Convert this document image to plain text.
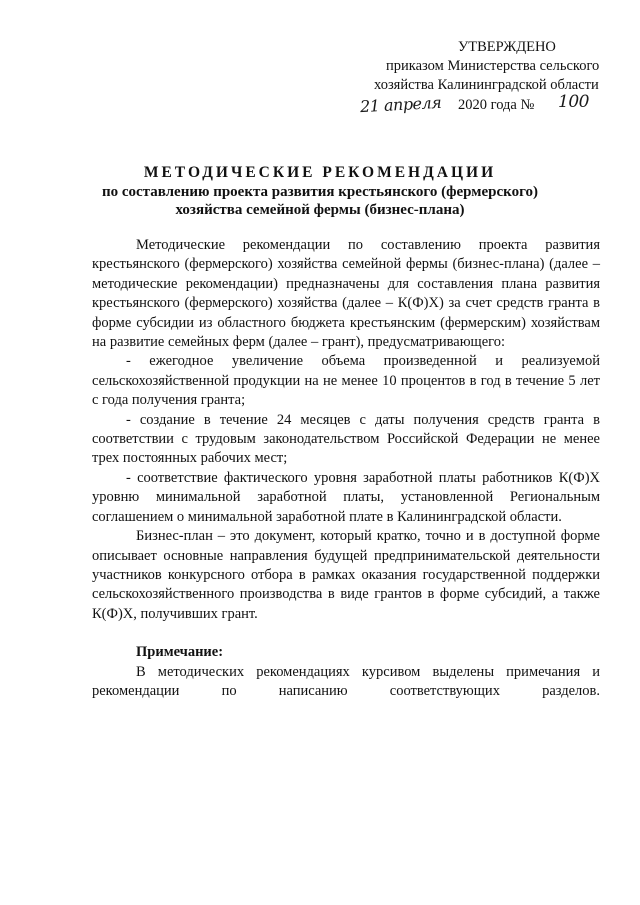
УТВЕРЖДЕНО
приказом Министерства сельского
хозяйства Калининградской области
21 апреля 2020 года № 100
МЕТОДИЧЕСКИЕ РЕКОМЕНДАЦИИ
по составлению проекта развития крестьянского (фермерского)
хозяйства семейной фермы (бизнес-плана)

Методические рекомендации по составлению проекта развития крестьянского (фермерского) хозяйства семейной фермы (бизнес-плана) (далее – методические рекомендации) предназначены для составления плана развития крестьянского (фермерского) хозяйства (далее – К(Ф)Х) за счет средств гранта в форме субсидии из областного бюджета крестьянским (фермерским) хозяйствам на развитие семейных ферм (далее – грант), предусматривающего:

- ежегодное увеличение объема произведенной и реализуемой сельскохозяйственной продукции на не менее 10 процентов в год в течение 5 лет с года получения гранта;

- создание в течение 24 месяцев с даты получения средств гранта в соответствии с трудовым законодательством Российской Федерации не менее трех постоянных рабочих мест;

- соответствие фактического уровня заработной платы работников К(Ф)Х уровню минимальной заработной платы, установленной Региональным соглашением о минимальной заработной плате в Калининградской области.

Бизнес-план – это документ, который кратко, точно и в доступной форме описывает основные направления будущей предпринимательской деятельности участников конкурсного отбора в рамках оказания государственной поддержки сельскохозяйственного производства в виде грантов в форме субсидий, а также К(Ф)Х, получивших грант.

Примечание:

В методических рекомендациях курсивом выделены примечания и рекомендации по написанию соответствующих разделов.
